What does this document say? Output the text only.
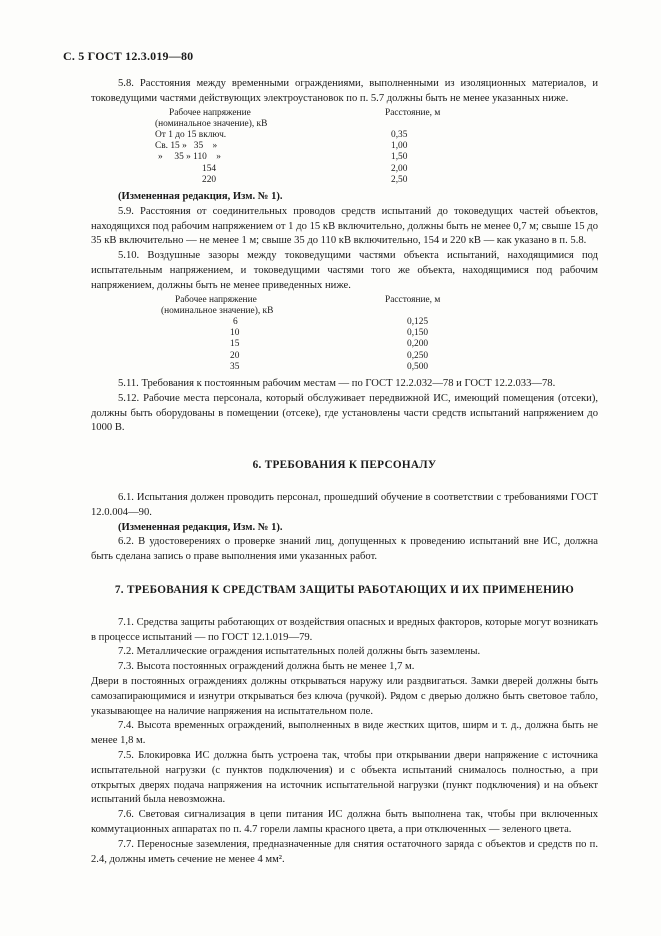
С. 5 ГОСТ 12.3.019—80

5.8. Расстояния между временными ограждениями, выполненными из изоляционных материалов, и токоведущими частями действующих электроустановок по п. 5.7 должны быть не менее указанных ниже.

Рабочее напряжение
(номинальное значение), кВ	Расстояние, м
От 1 до 15 включ.	0,35
Св. 15 »   35    »	1,00
»     35 » 110    »	1,50
154	2,00
220	2,50

(Измененная редакция, Изм. № 1).

5.9. Расстояния от соединительных проводов средств испытаний до токоведущих частей объектов, находящихся под рабочим напряжением от 1 до 15 кВ включительно, должны быть не менее 0,7 м; свыше 15 до 35 кВ включительно — не менее 1 м; свыше 35 до 110 кВ включительно, 154 и 220 кВ — как указано в п. 5.8.

5.10. Воздушные зазоры между токоведущими частями объекта испытаний, находящимися под испытательным напряжением, и токоведущими частями того же объекта, находящимися под рабочим напряжением, должны быть не менее приведенных ниже.

Рабочее напряжение
(номинальное значение), кВ	Расстояние, м
6	0,125
10	0,150
15	0,200
20	0,250
35	0,500

5.11. Требования к постоянным рабочим местам — по ГОСТ 12.2.032—78 и ГОСТ 12.2.033—78.

5.12. Рабочие места персонала, который обслуживает передвижной ИС, имеющий помещения (отсеки), должны быть оборудованы в помещении (отсеке), где установлены части средств испытаний напряжением до 1000 В.

6. ТРЕБОВАНИЯ К ПЕРСОНАЛУ

6.1. Испытания должен проводить персонал, прошедший обучение в соответствии с требованиями ГОСТ 12.0.004—90.

(Измененная редакция, Изм. № 1).

6.2. В удостоверениях о проверке знаний лиц, допущенных к проведению испытаний вне ИС, должна быть сделана запись о праве выполнения ими указанных работ.

7. ТРЕБОВАНИЯ К СРЕДСТВАМ ЗАЩИТЫ РАБОТАЮЩИХ И ИХ ПРИМЕНЕНИЮ

7.1. Средства защиты работающих от воздействия опасных и вредных факторов, которые могут возникать в процессе испытаний — по ГОСТ 12.1.019—79.

7.2. Металлические ограждения испытательных полей должны быть заземлены.

7.3. Высота постоянных ограждений должна быть не менее 1,7 м.

Двери в постоянных ограждениях должны открываться наружу или раздвигаться. Замки дверей должны быть самозапирающимися и изнутри открываться без ключа (ручкой). Рядом с дверью должно быть световое табло, указывающее на наличие напряжения на испытательном поле.

7.4. Высота временных ограждений, выполненных в виде жестких щитов, ширм и т. д., должна быть не менее 1,8 м.

7.5. Блокировка ИС должна быть устроена так, чтобы при открывании двери напряжение с источника испытательной нагрузки (с пунктов подключения) и с объекта испытаний снималось полностью, а при открытых дверях подача напряжения на источник испытательной нагрузки (пункт подключения) и на объект испытаний была невозможна.

7.6. Световая сигнализация в цепи питания ИС должна быть выполнена так, чтобы при включенных коммутационных аппаратах по п. 4.7 горели лампы красного цвета, а при отключенных — зеленого цвета.

7.7. Переносные заземления, предназначенные для снятия остаточного заряда с объектов и средств по п. 2.4, должны иметь сечение не менее 4 мм².
